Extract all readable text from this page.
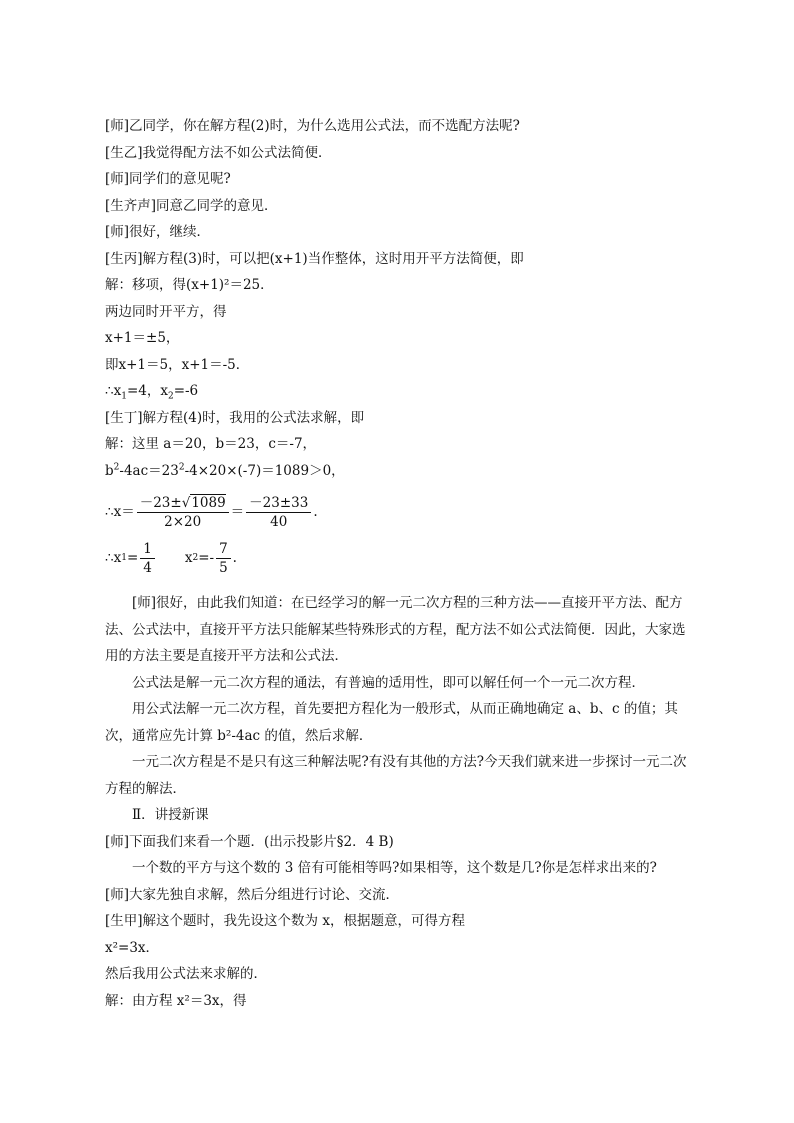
[师]乙同学，你在解方程(2)时，为什么选用公式法，而不选配方法呢?

[生乙]我觉得配方法不如公式法简便．

[师]同学们的意见呢?

[生齐声]同意乙同学的意见．

[师]很好，继续．

[生丙]解方程(3)时，可以把(x+1)当作整体，这时用开平方法简便，即

解：移项，得(x+1)²＝25．

两边同时开平方，得

x+1＝±5，

即x+1＝5，x+1＝-5．

$\therefore x_1=4$，$x_2=-6$

[生丁]解方程(4)时，我用的公式法求解，即

解：这里 a＝20，b＝23，c＝-7，

$b^2-4ac=23^2-4\times 20\times(-7)=1089>0$，

∴x＝ $\frac{-23\pm√1089}{2\times 20} = \frac{-23\pm 33}{40}$ .
∴x $1 = \frac{1}{4}$ x $2 =- \frac{7}{5}$ .

[师]很好，由此我们知道：在已经学习的解一元二次方程的三种方法——直接开平方法、配方法、公式法中，直接开平方法只能解某些特殊形式的方程，配方法不如公式法简便．因此，大家选用的方法主要是直接开平方法和公式法．

公式法是解一元二次方程的通法，有普遍的适用性，即可以解任何一个一元二次方程．

用公式法解一元二次方程，首先要把方程化为一般形式，从而正确地确定 a、b、c 的值；其次，通常应先计算 b²-4ac 的值，然后求解．

一元二次方程是不是只有这三种解法呢?有没有其他的方法?今天我们就来进一步探讨一元二次方程的解法．

Ⅱ．讲授新课

[师]下面我们来看一个题．(出示投影片§2．4 B)

一个数的平方与这个数的 3 倍有可能相等吗?如果相等，这个数是几?你是怎样求出来的?

[师]大家先独自求解，然后分组进行讨论、交流．

[生甲]解这个题时，我先设这个数为 x，根据题意，可得方程

x²=3x．

然后我用公式法来求解的．

解：由方程 x²＝3x，得
